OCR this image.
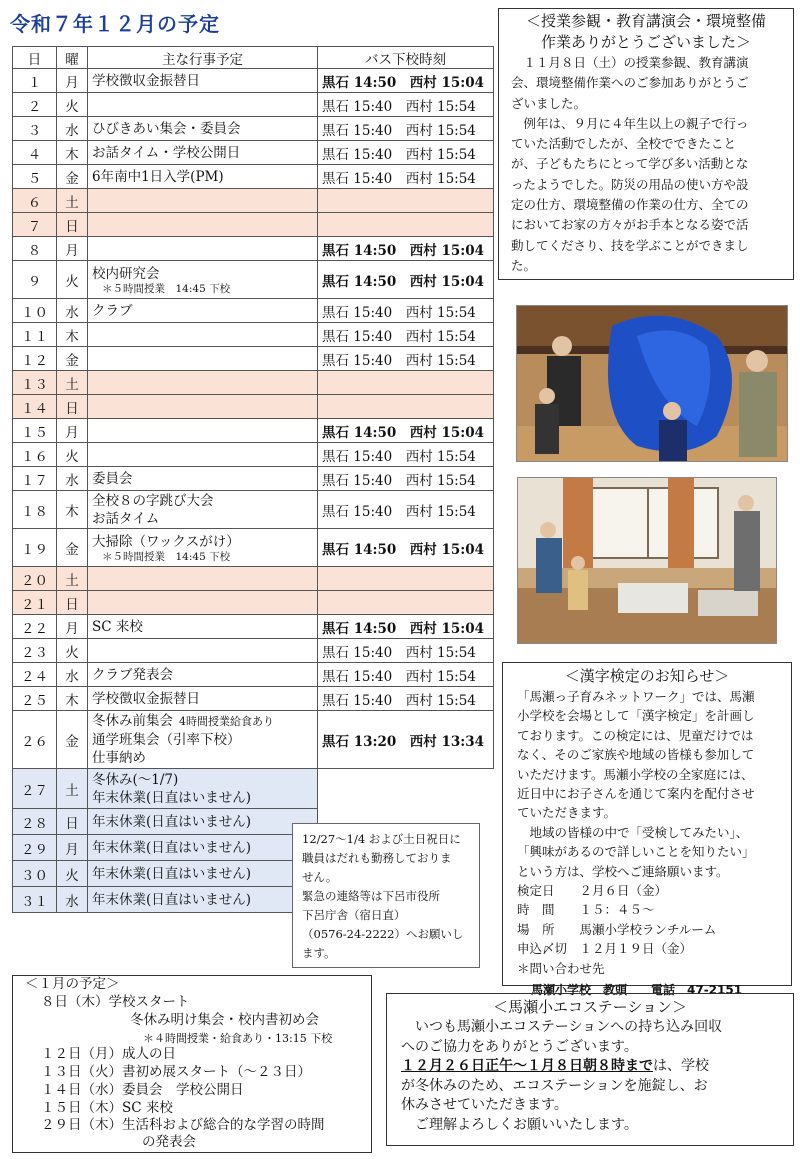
令和７年１２月の予定
日	曜	主な行事予定	バス下校時刻
１	月	学校徴収金振替日	黒石 14:50　西村 15:04
２	火		黒石 15:40　西村 15:54
３	水	ひびきあい集会・委員会	黒石 15:40　西村 15:54
４	木	お話タイム・学校公開日	黒石 15:40　西村 15:54
５	金	6年南中1日入学(PM)	黒石 15:40　西村 15:54
６	土		
７	日		
８	月		黒石 14:50　西村 15:04
９	火	校内研究会
＊５時間授業　14:45 下校	黒石 14:50　西村 15:04
１０	水	クラブ	黒石 15:40　西村 15:54
１１	木		黒石 15:40　西村 15:54
１２	金		黒石 15:40　西村 15:54
１３	土		
１４	日		
１５	月		黒石 14:50　西村 15:04
１６	火		黒石 15:40　西村 15:54
１７	水	委員会	黒石 15:40　西村 15:54
１８	木	全校８の字跳び大会
お話タイム	黒石 15:40　西村 15:54
１９	金	大掃除（ワックスがけ）
＊５時間授業　14:45 下校	黒石 14:50　西村 15:04
２０	土		
２１	日		
２２	月	SC 来校	黒石 14:50　西村 15:04
２３	火		黒石 15:40　西村 15:54
２４	水	クラブ発表会	黒石 15:40　西村 15:54
２５	木	学校徴収金振替日	黒石 15:40　西村 15:54
２６	金	冬休み前集会 4時間授業給食あり
通学班集会（引率下校）
仕事納め	黒石 13:20　西村 13:34
２７	土	冬休み(～1/7)
年末休業(日直はいません)	

２８	日	年末休業(日直はいません)	

２９	月	年末休業(日直はいません)	

３０	火	年末休業(日直はいません)	

３１	水	年末休業(日直はいません)	

12/27～1/4 および土日祝日に
職員はだれも勤務しておりま
せん。
緊急の連絡等は下呂市役所
下呂庁舎（宿日直）
（0576-24-2222）へお願いし
ます。
＜１月の予定＞
８日（木）学校スタート
冬休み明け集会・校内書初め会
＊４時間授業・給食あり・13:15 下校
１２日（月）成人の日
１３日（火）書初め展スタート（～２３日）
１４日（水）委員会　学校公開日
１５日（木）SC 来校
２９日（木）生活科および総合的な学習の時間
の発表会
＜授業参観・教育講演会・環境整備
作業ありがとうございました＞
　１１月８日（土）の授業参観、教育講演
会、環境整備作業へのご参加ありがとうご
ざいました。
　例年は、９月に４年生以上の親子で行っ
ていた活動でしたが、全校でできたこと
が、子どもたちにとって学び多い活動とな
ったようでした。防災の用品の使い方や設
定の仕方、環境整備の作業の仕方、全ての
においてお家の方々がお手本となる姿で活
動してくださり、技を学ぶことができまし
た。
＜漢字検定のお知らせ＞
「馬瀬っ子育みネットワーク」では、馬瀬
小学校を会場として「漢字検定」を計画し
ております。この検定には、児童だけでは
なく、そのご家族や地域の皆様も参加して
いただけます。馬瀬小学校の全家庭には、
近日中にお子さんを通じて案内を配付させ
ていただきます。
　地域の皆様の中で「受検してみたい」、
「興味があるので詳しいことを知りたい」
という方は、学校へご連絡願います。
検定日　　２月６日（金）
時　間　　１５：４５～
場　所　　馬瀬小学校ランチルーム
申込〆切　１２月１９日（金）
＊問い合わせ先
馬瀬小学校　教頭　　電話　47-2151
＜馬瀬小エコステーション＞
　いつも馬瀬小エコステーションへの持ち込み回収
へのご協力をありがとうございます。
１２月２６日正午～１月８日朝８時までは、学校
が冬休みのため、エコステーションを施錠し、お
休みさせていただきます。
　ご理解よろしくお願いいたします。
